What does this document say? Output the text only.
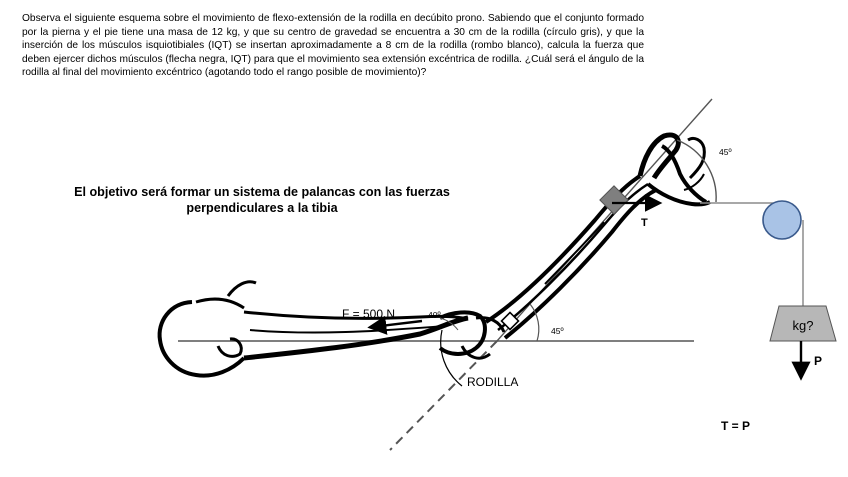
Observa el siguiente esquema sobre el movimiento de flexo-extensión de la rodilla en decúbito prono. Sabiendo que el conjunto formado por la pierna y el pie tiene una masa de 12 kg, y que su centro de gravedad se encuentra a 30 cm de la rodilla (círculo gris), y que la inserción de los músculos isquiotibiales (IQT) se insertan aproximadamente a 8 cm de la rodilla (rombo blanco), calcula la fuerza que deben ejercer dichos músculos (flecha negra, IQT) para que el movimiento sea extensión excéntrica de rodilla. ¿Cuál será el ángulo de la rodilla al final del movimiento excéntrico (agotando todo el rango posible de movimiento)?

El objetivo será formar un sistema de palancas con las fuerzas perpendiculares a la tibia
45º
kg?
P
T = P
T
F = 500 N	40º
45º
RODILLA
